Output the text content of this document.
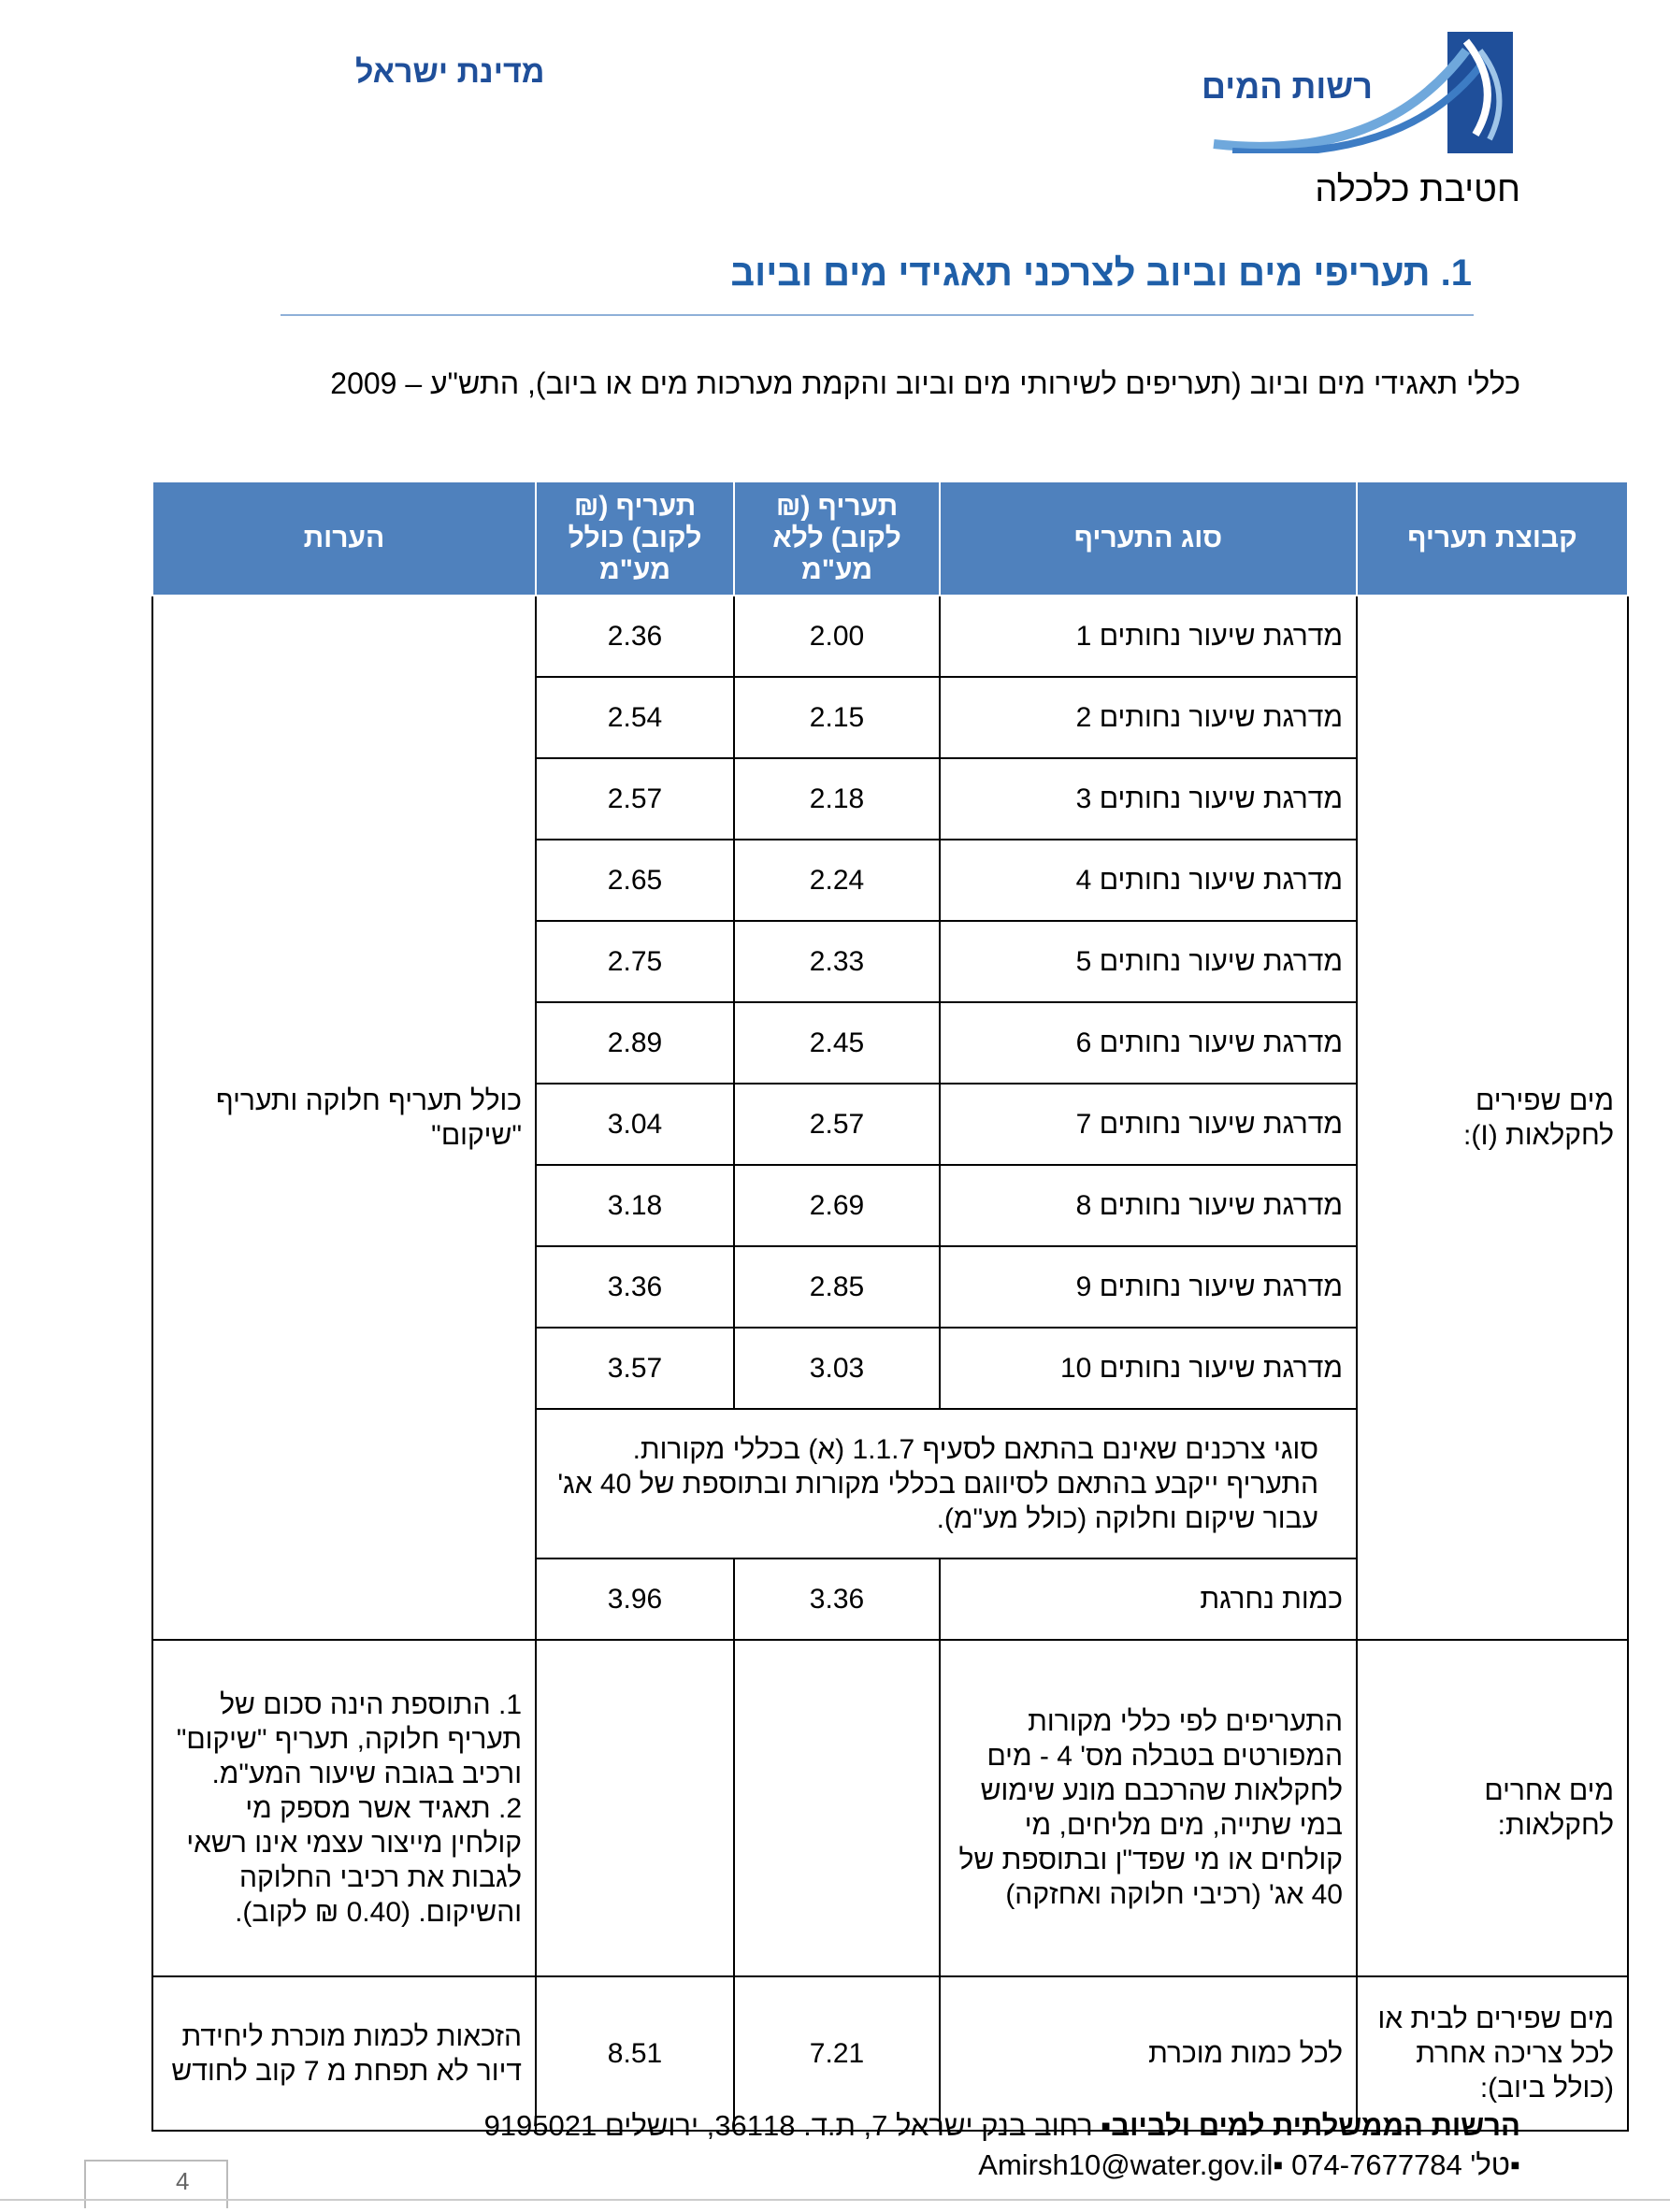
מדינת ישראל	רשות המים
חטיבת כלכלה
1. תעריפי מים וביוב לצרכני תאגידי מים וביוב
כללי תאגידי מים וביוב (תעריפים לשירותי מים וביוב והקמת מערכות מים או ביוב), התש"ע – 2009
קבוצת תעריף	סוג התעריף	תעריף (₪ לקוב) ללא מע"מ	תעריף (₪ לקוב) כולל מע"מ	הערות
מים שפירים לחקלאות (I):	מדרגת שיעור נחותים 1	2.00	2.36	כולל תעריף חלוקה ותעריף "שיקום"
	מדרגת שיעור נחותים 2	2.15	2.54	
	מדרגת שיעור נחותים 3	2.18	2.57	
	מדרגת שיעור נחותים 4	2.24	2.65	
	מדרגת שיעור נחותים 5	2.33	2.75	
	מדרגת שיעור נחותים 6	2.45	2.89	
	מדרגת שיעור נחותים 7	2.57	3.04	
	מדרגת שיעור נחותים 8	2.69	3.18	
	מדרגת שיעור נחותים 9	2.85	3.36	
	מדרגת שיעור נחותים 10	3.03	3.57	
	סוגי צרכנים שאינם בהתאם לסעיף 1.1.7 (א) בכללי מקורות. התעריף ייקבע בהתאם לסיווגם בכללי מקורות ובתוספת של 40 אג' עבור שיקום וחלוקה (כולל מע"מ).			
	כמות נחרגת	3.36	3.96	
מים אחרים לחקלאות:	התעריפים לפי כללי מקורות המפורטים בטבלה מס' 4 - מים לחקלאות שהרכבם מונע שימוש במי שתייה, מים מליחים, מי קולחים או מי שפד"ן ובתוספת של 40 אג' (רכיבי חלוקה ואחזקה)			1. התוספת הינה סכום של תעריף חלוקה, תעריף "שיקום" ורכיב בגובה שיעור המע"מ.
2. תאגיד אשר מספק מי קולחין מייצור עצמי אינו רשאי לגבות את רכיבי החלוקה והשיקום. (0.40 ₪ לקוב).

מים שפירים לבית או לכל צריכה אחרת (כולל ביוב):	לכל כמות מוכרת	7.21	8.51	הזכאות לכמות מוכרת ליחידת דיור לא תפחת מ 7 קוב לחודש
הרשות הממשלתית למים ולביוב▪ רחוב בנק ישראל 7, ת.ד. 36118, ירושלים 9195021
▪טל' 074-7677784 ▪Amirsh10@water.gov.il
4
